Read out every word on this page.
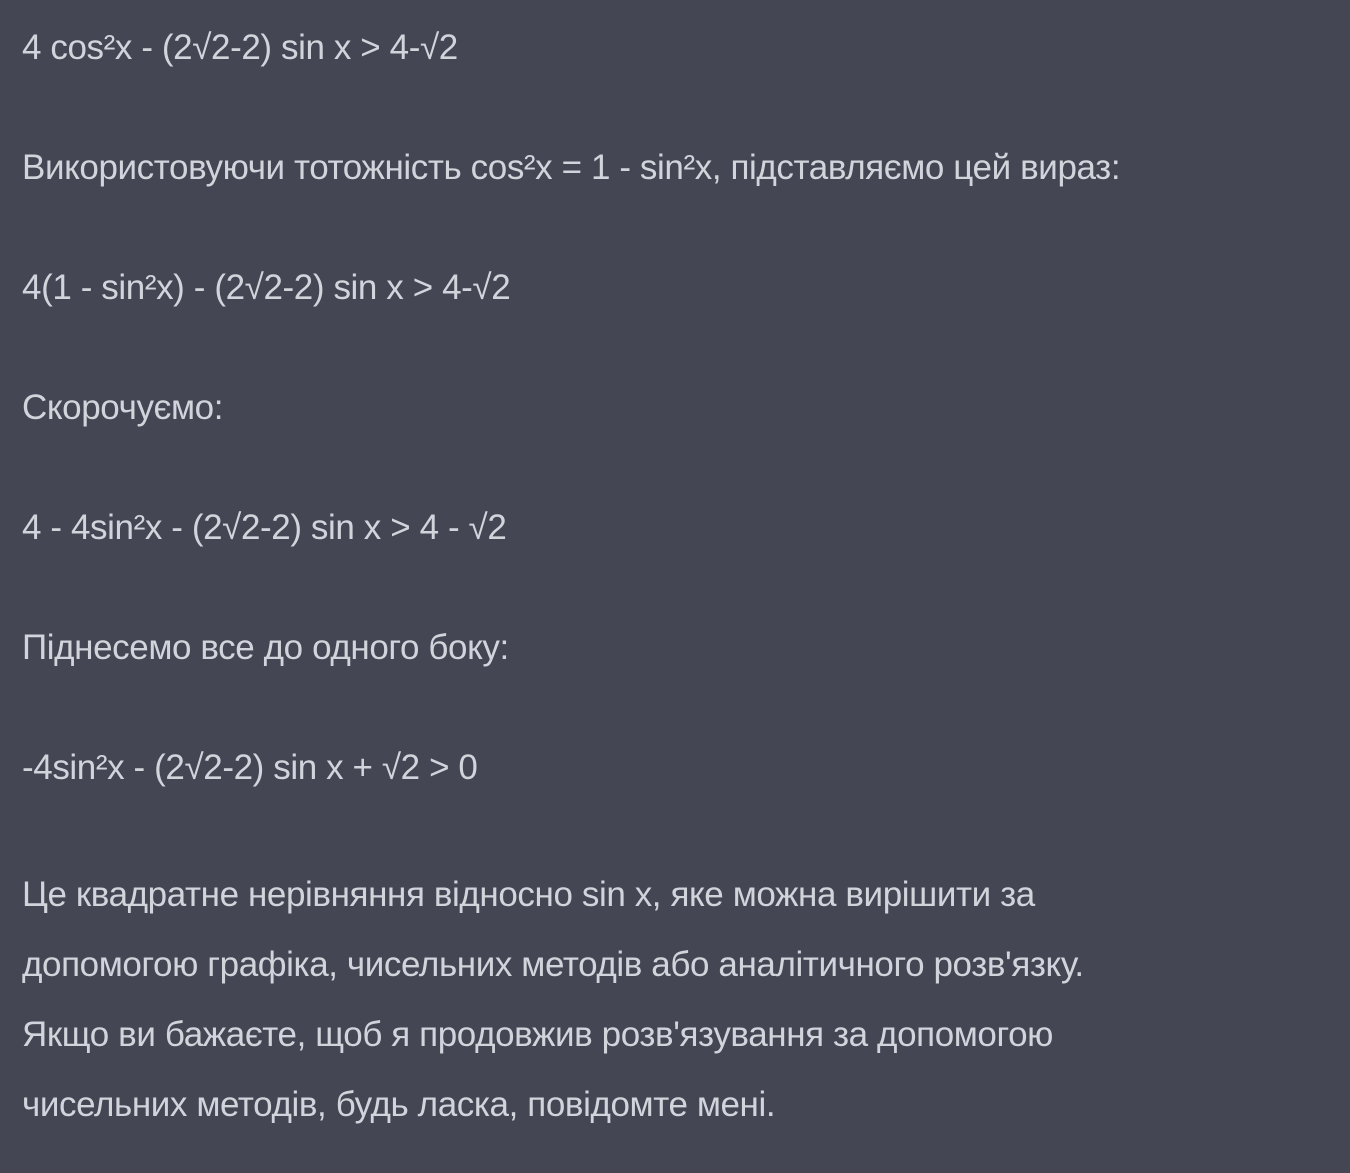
4 cos²x - (2√2-2) sin x > 4-√2

Використовуючи тотожність cos²x = 1 - sin²x, підставляємо цей вираз:

4(1 - sin²x) - (2√2-2) sin x > 4-√2

Скорочуємо:

4 - 4sin²x - (2√2-2) sin x > 4 - √2

Піднесемо все до одного боку:

-4sin²x - (2√2-2) sin x + √2 > 0

Це квадратне нерівняння відносно sin x, яке можна вирішити за
допомогою графіка, чисельних методів або аналітичного розв'язку.
Якщо ви бажаєте, щоб я продовжив розв'язування за допомогою
чисельних методів, будь ласка, повідомте мені.
